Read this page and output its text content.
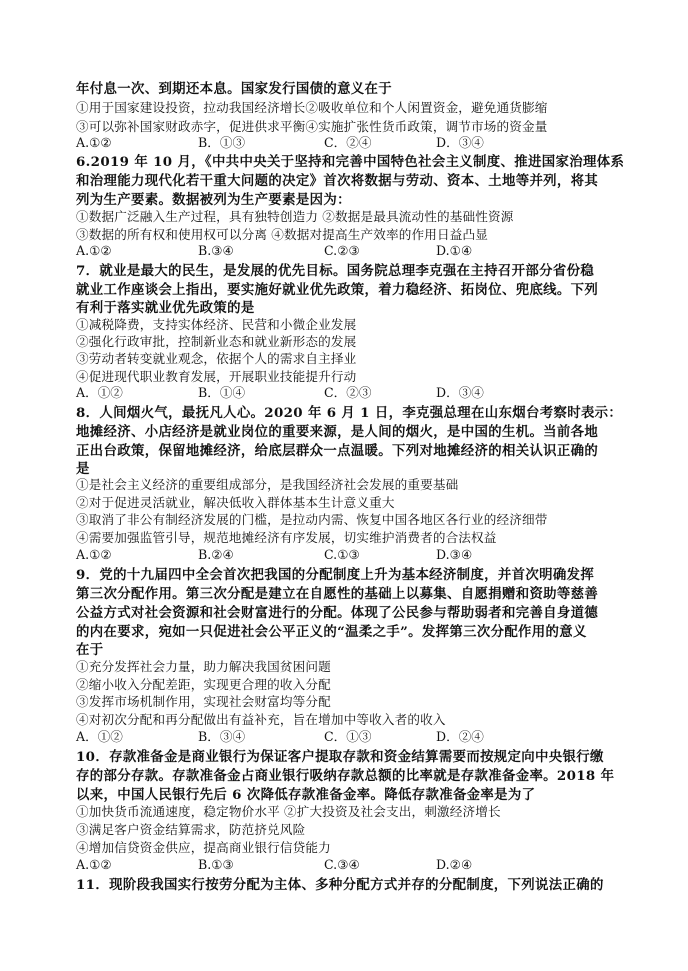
年付息一次、到期还本息。国家发行国债的意义在于
①用于国家建设投资，拉动我国经济增长②吸收单位和个人闲置资金，避免通货膨缩
③可以弥补国家财政赤字，促进供求平衡④实施扩张性货币政策，调节市场的资金量
A.①②	B．①③	C．②④	D．③④
6.2019 年 10 月，《中共中央关于坚持和完善中国特色社会主义制度、推进国家治理体系
和治理能力现代化若干重大问题的决定》首次将数据与劳动、资本、土地等并列，将其
列为生产要素。数据被列为生产要素是因为：
①数据广泛融入生产过程，具有独特创造力 ②数据是最具流动性的基础性资源
③数据的所有权和使用权可以分离 ④数据对提高生产效率的作用日益凸显
A.①②	B.③④	C.②③	D.①④
7．就业是最大的民生，是发展的优先目标。国务院总理李克强在主持召开部分省份稳
就业工作座谈会上指出，要实施好就业优先政策，着力稳经济、拓岗位、兜底线。下列
有利于落实就业优先政策的是
①减税降费，支持实体经济、民营和小微企业发展
②强化行政审批，控制新业态和就业新形态的发展
③劳动者转变就业观念，依据个人的需求自主择业
④促进现代职业教育发展，开展职业技能提升行动
A．①②	B．①④	C．②③	D．③④
8．人间烟火气，最抚凡人心。2020 年 6 月 1 日，李克强总理在山东烟台考察时表示：
地摊经济、小店经济是就业岗位的重要来源，是人间的烟火，是中国的生机。当前各地
正出台政策，保留地摊经济，给底层群众一点温暖。下列对地摊经济的相关认识正确的
是
①是社会主义经济的重要组成部分，是我国经济社会发展的重要基础
②对于促进灵活就业，解决低收入群体基本生计意义重大
③取消了非公有制经济发展的门槛，是拉动内需、恢复中国各地区各行业的经济细带
④需要加强监管引导，规范地摊经济有序发展，切实维护消费者的合法权益
A.①②	B.②④	C.①③	D.③④
9．党的十九届四中全会首次把我国的分配制度上升为基本经济制度，并首次明确发挥
第三次分配作用。第三次分配是建立在自愿性的基础上以募集、自愿捐赠和资助等慈善
公益方式对社会资源和社会财富进行的分配。体现了公民参与帮助弱者和完善自身道德
的内在要求，宛如一只促进社会公平正义的“温柔之手”。发挥第三次分配作用的意义
在于
①充分发挥社会力量，助力解决我国贫困问题
②缩小收入分配差距，实现更合理的收入分配
③发挥市场机制作用，实现社会财富均等分配
④对初次分配和再分配做出有益补充，旨在增加中等收入者的收入
A．①②	B．③④	C．①③	D．②④
10．存款准备金是商业银行为保证客户提取存款和资金结算需要而按规定向中央银行缴
存的部分存款。存款准备金占商业银行吸纳存款总额的比率就是存款准备金率。2018 年
以来，中国人民银行先后 6 次降低存款准备金率。降低存款准备金率是为了
①加快货币流通速度，稳定物价水平 ②扩大投资及社会支出，刺激经济增长
③满足客户资金结算需求，防范挤兑风险
④增加信贷资金供应，提高商业银行信贷能力
A.①②	B.①③	C.③④	D.②④
11．现阶段我国实行按劳分配为主体、多种分配方式并存的分配制度，下列说法正确的
